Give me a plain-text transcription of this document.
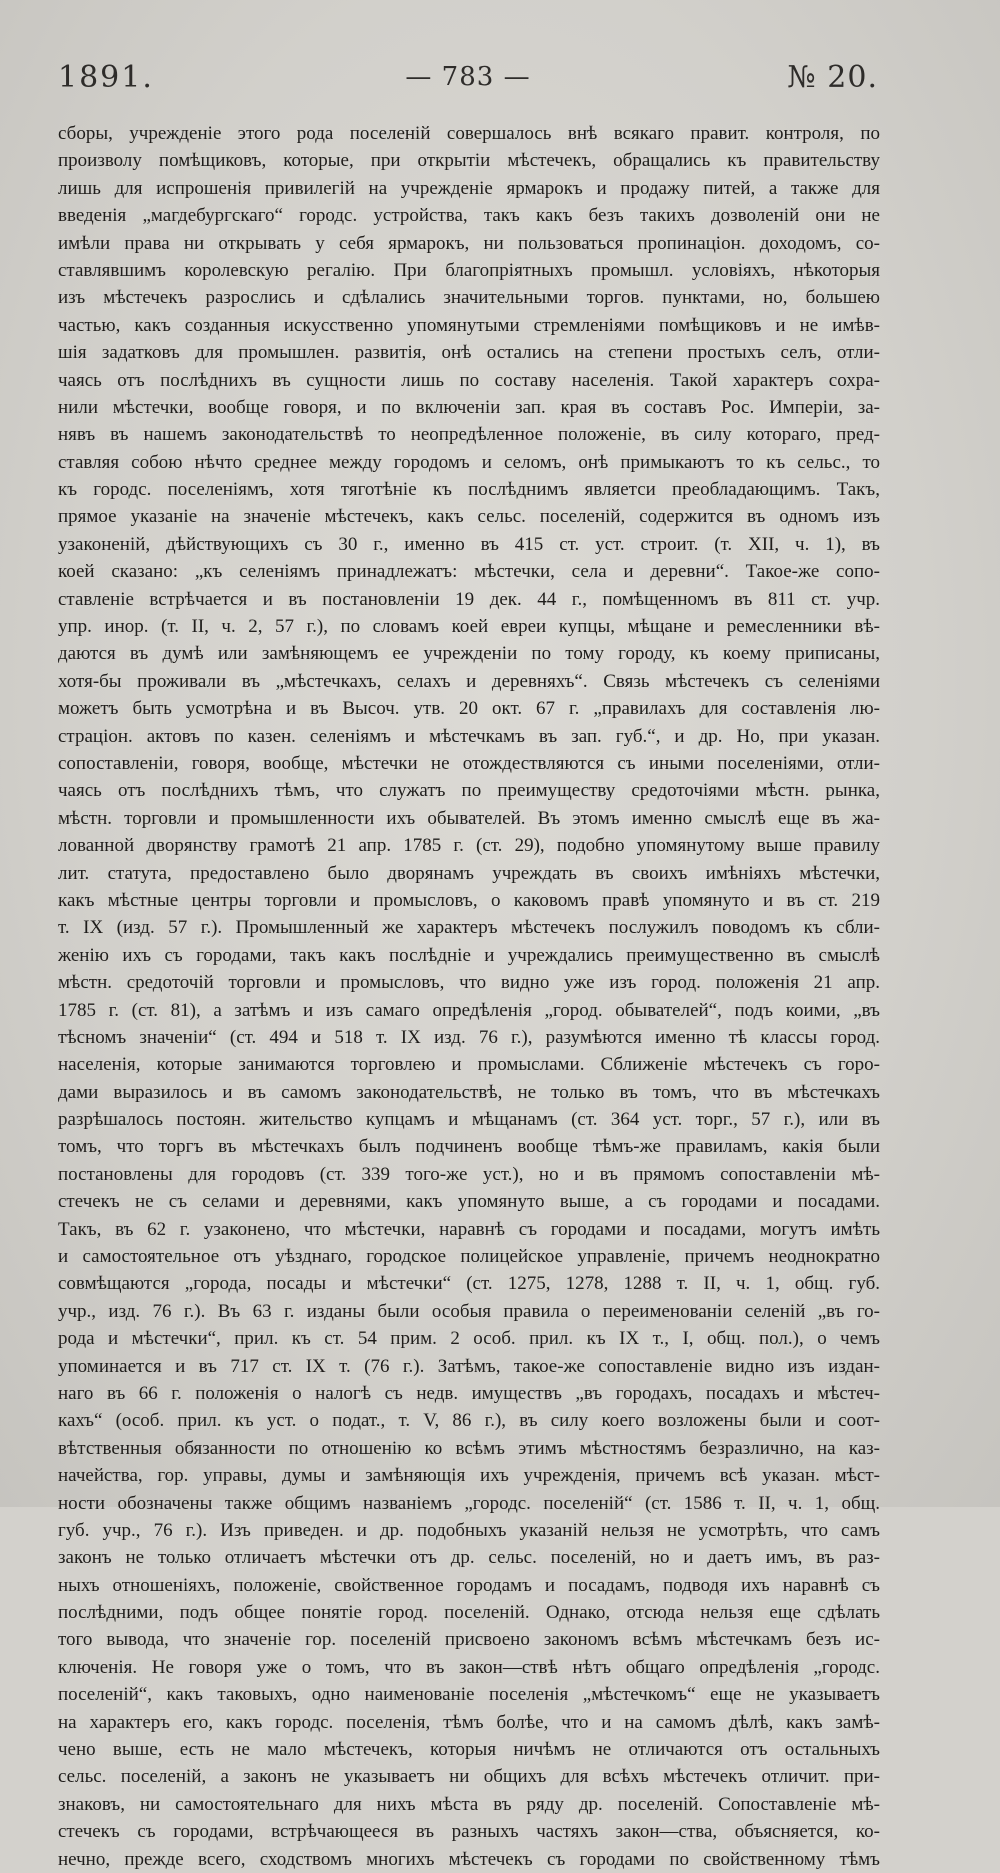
1891.	— 783 —	№ 20.
сборы, учрежденіе этого рода поселеній совершалось внѣ всякаго правит. контроля, по
произволу помѣщиковъ, которые, при открытіи мѣстечекъ, обращались къ правительству
лишь для испрошенія привилегій на учрежденіе ярмарокъ и продажу питей, а также для
введенія „магдебургскаго“ городс. устройства, такъ какъ безъ такихъ дозволеній они не
имѣли права ни открывать у себя ярмарокъ, ни пользоваться пропинаціон. доходомъ, со-
ставлявшимъ королевскую регалію. При благопріятныхъ промышл. условіяхъ, нѣкоторыя
изъ мѣстечекъ разрослись и сдѣлались значительными торгов. пунктами, но, большею
частью, какъ созданныя искусственно упомянутыми стремленіями помѣщиковъ и не имѣв-
шія задатковъ для промышлен. развитія, онѣ остались на степени простыхъ селъ, отли-
чаясь отъ послѣднихъ въ сущности лишь по составу населенія. Такой характеръ сохра-
нили мѣстечки, вообще говоря, и по включеніи зап. края въ составъ Рос. Имперіи, за-
нявъ въ нашемъ законодательствѣ то неопредѣленное положеніе, въ силу котораго, пред-
ставляя собою нѣчто среднее между городомъ и селомъ, онѣ примыкаютъ то къ сельс., то
къ городс. поселеніямъ, хотя тяготѣніе къ послѣднимъ являетси преобладающимъ. Такъ,
прямое указаніе на значеніе мѣстечекъ, какъ сельс. поселеній, содержится въ одномъ изъ
узаконеній, дѣйствующихъ съ 30 г., именно въ 415 ст. уст. строит. (т. XII, ч. 1), въ
коей сказано: „къ селеніямъ принадлежатъ: мѣстечки, села и деревни“. Такое-же сопо-
ставленіе встрѣчается и въ постановленіи 19 дек. 44 г., помѣщенномъ въ 811 ст. учр.
упр. инор. (т. II, ч. 2, 57 г.), по словамъ коей евреи купцы, мѣщане и ремесленники вѣ-
даются въ думѣ или замѣняющемъ ее учрежденіи по тому городу, къ коему приписаны,
хотя-бы проживали въ „мѣстечкахъ, селахъ и деревняхъ“. Связь мѣстечекъ съ селеніями
можетъ быть усмотрѣна и въ Высоч. утв. 20 окт. 67 г. „правилахъ для составленія лю-
страціон. актовъ по казен. селеніямъ и мѣстечкамъ въ зап. губ.“, и др. Но, при указан.
сопоставленіи, говоря, вообще, мѣстечки не отождествляются съ иными поселеніями, отли-
чаясь отъ послѣднихъ тѣмъ, что служатъ по преимуществу средоточіями мѣстн. рынка,
мѣстн. торговли и промышленности ихъ обывателей. Въ этомъ именно смыслѣ еще въ жа-
лованной дворянству грамотѣ 21 апр. 1785 г. (ст. 29), подобно упомянутому выше правилу
лит. статута, предоставлено было дворянамъ учреждать въ своихъ имѣніяхъ мѣстечки,
какъ мѣстные центры торговли и промысловъ, о каковомъ правѣ упомянуто и въ ст. 219
т. IX (изд. 57 г.). Промышленный же характеръ мѣстечекъ послужилъ поводомъ къ сбли-
женію ихъ съ городами, такъ какъ послѣдніе и учреждались преимущественно въ смыслѣ
мѣстн. средоточій торговли и промысловъ, что видно уже изъ город. положенія 21 апр.
1785 г. (ст. 81), а затѣмъ и изъ самаго опредѣленія „город. обывателей“, подъ коими, „въ
тѣсномъ значеніи“ (ст. 494 и 518 т. IX изд. 76 г.), разумѣются именно тѣ классы город.
населенія, которые занимаются торговлею и промыслами. Сближеніе мѣстечекъ съ горо-
дами выразилось и въ самомъ законодательствѣ, не только въ томъ, что въ мѣстечкахъ
разрѣшалось постоян. жительство купцамъ и мѣщанамъ (ст. 364 уст. торг., 57 г.), или въ
томъ, что торгъ въ мѣстечкахъ былъ подчиненъ вообще тѣмъ-же правиламъ, какія были
постановлены для городовъ (ст. 339 того-же уст.), но и въ прямомъ сопоставленіи мѣ-
стечекъ не съ селами и деревнями, какъ упомянуто выше, а съ городами и посадами.
Такъ, въ 62 г. узаконено, что мѣстечки, наравнѣ съ городами и посадами, могутъ имѣть
и самостоятельное отъ уѣзднаго, городское полицейское управленіе, причемъ неоднократно
совмѣщаются „города, посады и мѣстечки“ (ст. 1275, 1278, 1288 т. II, ч. 1, общ. губ.
учр., изд. 76 г.). Въ 63 г. изданы были особыя правила о переименованіи селеній „въ го-
рода и мѣстечки“, прил. къ ст. 54 прим. 2 особ. прил. къ IX т., I, общ. пол.), о чемъ
упоминается и въ 717 ст. IX т. (76 г.). Затѣмъ, такое-же сопоставленіе видно изъ издан-
наго въ 66 г. положенія о налогѣ съ недв. имуществъ „въ городахъ, посадахъ и мѣстеч-
кахъ“ (особ. прил. къ уст. о подат., т. V, 86 г.), въ силу коего возложены были и соот-
вѣтственныя обязанности по отношенію ко всѣмъ этимъ мѣстностямъ безразлично, на каз-
начейства, гор. управы, думы и замѣняющія ихъ учрежденія, причемъ всѣ указан. мѣст-
ности обозначены также общимъ названіемъ „городс. поселеній“ (ст. 1586 т. II, ч. 1, общ.
губ. учр., 76 г.). Изъ приведен. и др. подобныхъ указаній нельзя не усмотрѣть, что самъ
законъ не только отличаетъ мѣстечки отъ др. сельс. поселеній, но и даетъ имъ, въ раз-
ныхъ отношеніяхъ, положеніе, свойственное городамъ и посадамъ, подводя ихъ наравнѣ съ
послѣдними, подъ общее понятіе город. поселеній. Однако, отсюда нельзя еще сдѣлать
того вывода, что значеніе гор. поселеній присвоено закономъ всѣмъ мѣстечкамъ безъ ис-
ключенія. Не говоря уже о томъ, что въ закон—ствѣ нѣтъ общаго опредѣленія „городс.
поселеній“, какъ таковыхъ, одно наименованіе поселенія „мѣстечкомъ“ еще не указываетъ
на характеръ его, какъ городс. поселенія, тѣмъ болѣе, что и на самомъ дѣлѣ, какъ замѣ-
чено выше, есть не мало мѣстечекъ, которыя ничѣмъ не отличаются отъ остальныхъ
сельс. поселеній, а законъ не указываетъ ни общихъ для всѣхъ мѣстечекъ отличит. при-
знаковъ, ни самостоятельнаго для нихъ мѣста въ ряду др. поселеній. Сопоставленіе мѣ-
стечекъ съ городами, встрѣчающееся въ разныхъ частяхъ закон—ства, объясняется, ко-
нечно, прежде всего, сходствомъ многихъ мѣстечекъ съ городами по свойственному тѣмъ
